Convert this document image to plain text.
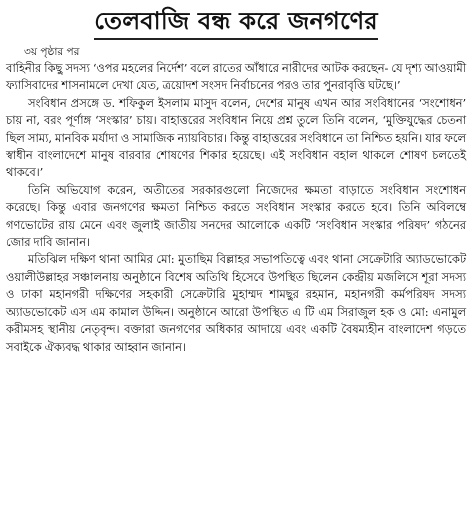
তেলবাজি বন্ধ করে জনগণের
৩য় পৃষ্ঠার পর

বাহিনীর কিছু সদস্য ‘ওপর মহলের নির্দেশ’ বলে রাতের আঁধারে নারীদের আটক করছেন- যে দৃশ্য আওয়ামী ফ্যাসিবাদের শাসনামলে দেখা যেত, ত্রয়োদশ সংসদ নির্বাচনের পরও তার পুনরাবৃত্তি ঘটছে।’

সংবিধান প্রসঙ্গে ড. শফিকুল ইসলাম মাসুদ বলেন, দেশের মানুষ এখন আর সংবিধানের ‘সংশোধন’ চায় না, বরং পূর্ণাঙ্গ ‘সংস্কার’ চায়। বাহাত্তরের সংবিধান নিয়ে প্রশ্ন তুলে তিনি বলেন, ‘মুক্তিযুদ্ধের চেতনা ছিল সাম্য, মানবিক মর্যাদা ও সামাজিক ন্যায়বিচার। কিন্তু বাহাত্তরের সংবিধানে তা নিশ্চিত হয়নি। যার ফলে স্বাধীন বাংলাদেশে মানুষ বারবার শোষণের শিকার হয়েছে। এই সংবিধান বহাল থাকলে শোষণ চলতেই থাকবে।’

তিনি অভিযোগ করেন, অতীতের সরকারগুলো নিজেদের ক্ষমতা বাড়াতে সংবিধান সংশোধন করেছে। কিন্তু এবার জনগণের ক্ষমতা নিশ্চিত করতে সংবিধান সংস্কার করতে হবে। তিনি অবিলম্বে গণভোটের রায় মেনে এবং জুলাই জাতীয় সনদের আলোকে একটি ‘সংবিধান সংস্কার পরিষদ’ গঠনের জোর দাবি জানান।

মতিঝিল দক্ষিণ থানা আমির মো: মুতাছিম বিল্লাহর সভাপতিত্বে এবং থানা সেক্রেটারি অ্যাডভোকেট ওয়ালীউল্লাহর সঞ্চালনায় অনুষ্ঠানে বিশেষ অতিথি হিসেবে উপস্থিত ছিলেন কেন্দ্রীয় মজলিসে শূরা সদস্য ও ঢাকা মহানগরী দক্ষিণের সহকারী সেক্রেটারি মুহাম্মদ শামছুর রহমান, মহানগরী কর্মপরিষদ সদস্য অ্যাডভোকেট এস এম কামাল উদ্দিন। অনুষ্ঠানে আরো উপস্থিত এ টি এম সিরাজুল হক ও মো: এনামুল করীমসহ স্থানীয় নেতৃবৃন্দ। বক্তারা জনগণের অধিকার আদায়ে এবং একটি বৈষম্যহীন বাংলাদেশ গড়তে সবাইকে ঐক্যবদ্ধ থাকার আহ্বান জানান।
